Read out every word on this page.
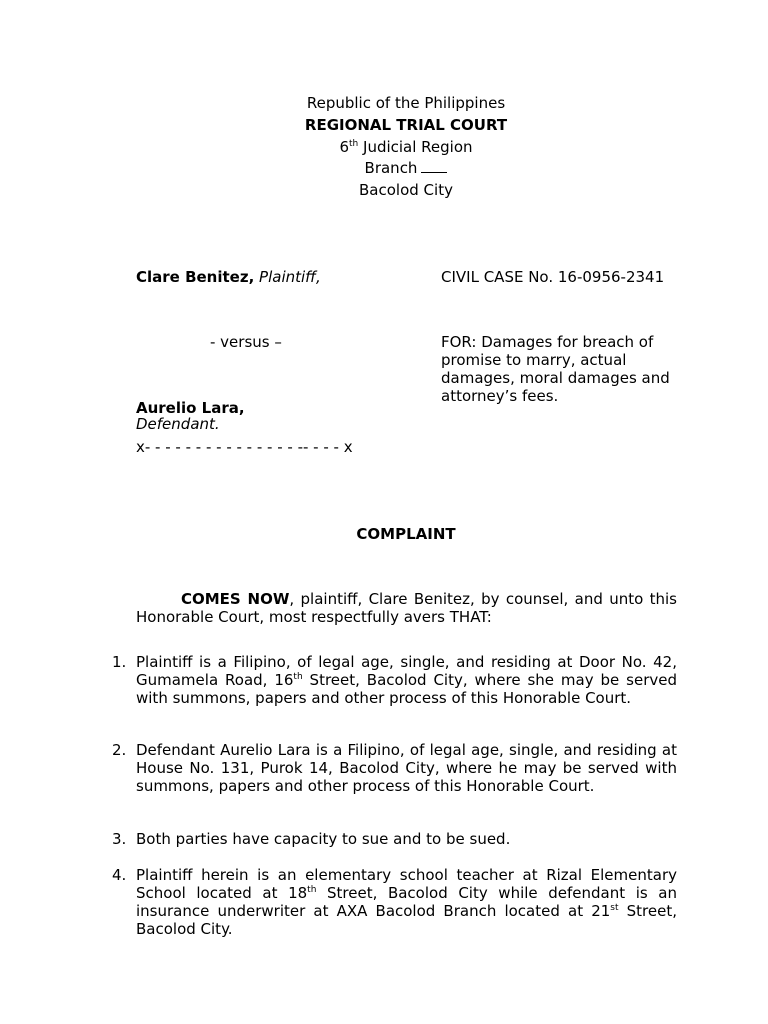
Republic of the Philippines
REGIONAL TRIAL COURT
6th Judicial Region
Branch
Bacolod City
Clare Benitez, Plaintiff,
- versus –
Aurelio Lara,
Defendant.
x- - - - - - - - - - - - - - - -- - - - x
CIVIL CASE No. 16-0956-2341
FOR: Damages for breach of
promise to marry, actual
damages, moral damages and
attorney’s fees.
COMPLAINT
COMES NOW, plaintiff, Clare Benitez, by counsel, and unto this Honorable Court, most respectfully avers THAT:
1. Plaintiff is a Filipino, of legal age, single, and residing at Door No. 42, Gumamela Road, 16th Street, Bacolod City, where she may be served with summons, papers and other process of this Honorable Court.
2. Defendant Aurelio Lara is a Filipino, of legal age, single, and residing at House No. 131, Purok 14, Bacolod City, where he may be served with summons, papers and other process of this Honorable Court.
3. Both parties have capacity to sue and to be sued.
4. Plaintiff herein is an elementary school teacher at Rizal Elementary School located at 18th Street, Bacolod City while defendant is an insurance underwriter at AXA Bacolod Branch located at 21st Street, Bacolod City.
